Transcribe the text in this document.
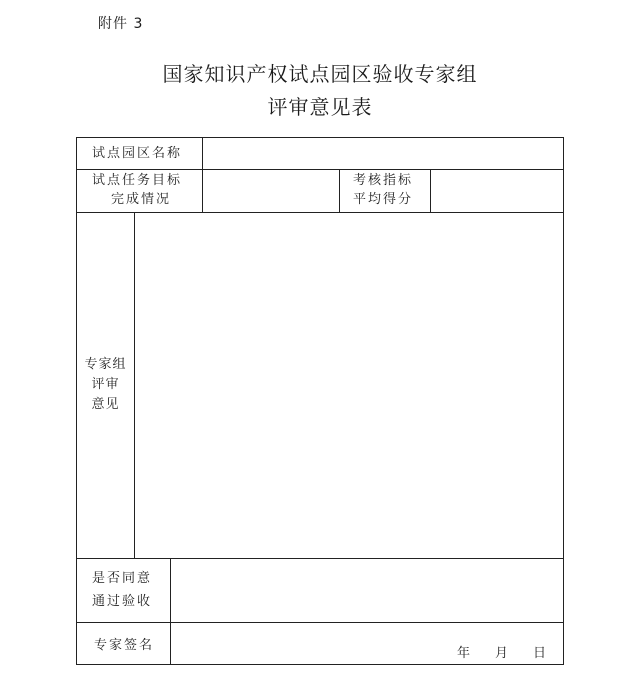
附件 3
国家知识产权试点园区验收专家组
评审意见表
试点园区名称
试点任务目标
完成情况
考核指标
平均得分
专家组
评审
意见
是否同意
通过验收
专家签名
年 月 日
